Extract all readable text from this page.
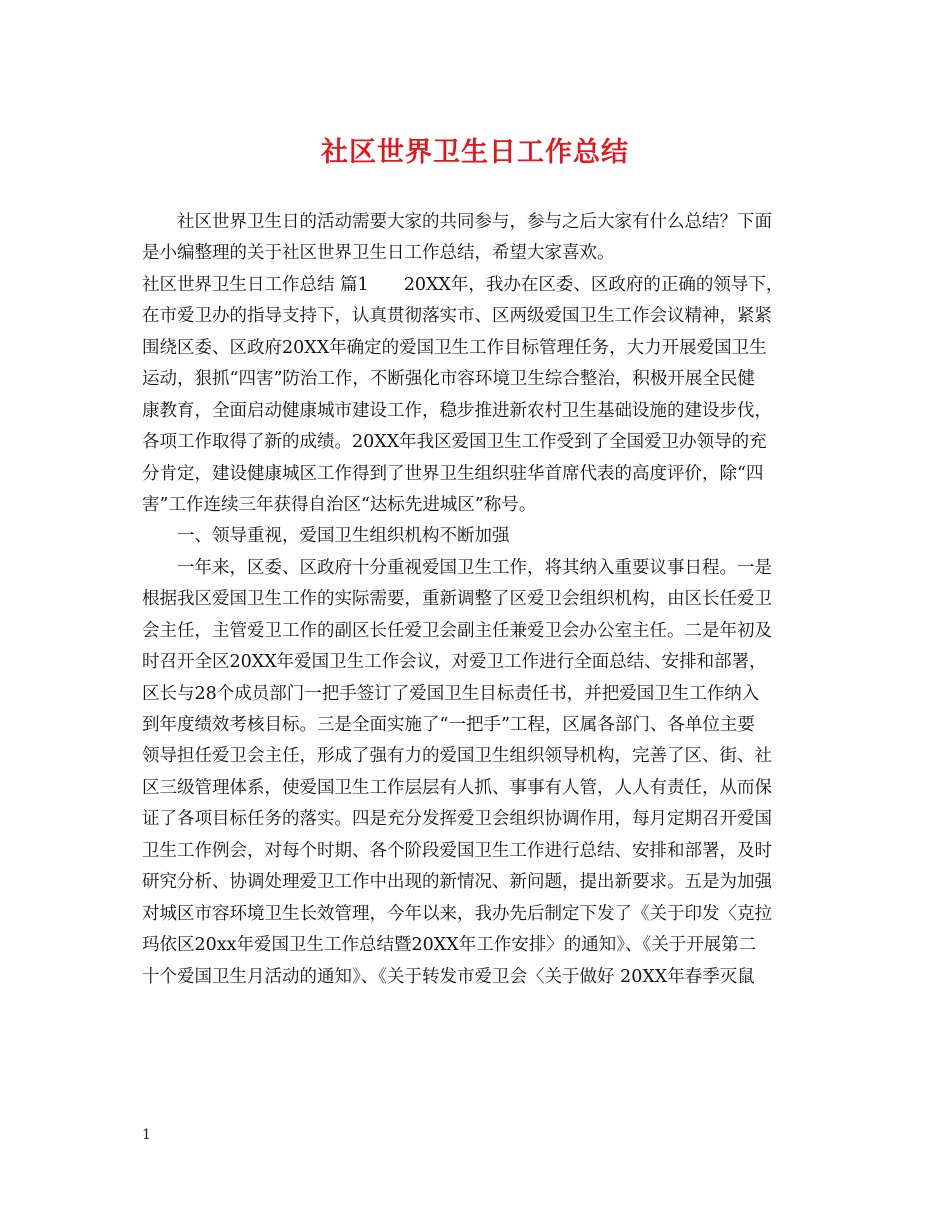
社区世界卫生日工作总结
　　社区世界卫生日的活动需要大家的共同参与，参与之后大家有什么总结？下面
是小编整理的关于社区世界卫生日工作总结，希望大家喜欢。
社区世界卫生日工作总结 篇1　　20XX年，我办在区委、区政府的正确的领导下，
在市爱卫办的指导支持下，认真贯彻落实市、区两级爱国卫生工作会议精神，紧紧
围绕区委、区政府20XX年确定的爱国卫生工作目标管理任务，大力开展爱国卫生
运动，狠抓“四害”防治工作，不断强化市容环境卫生综合整治，积极开展全民健
康教育，全面启动健康城市建设工作，稳步推进新农村卫生基础设施的建设步伐，
各项工作取得了新的成绩。20XX年我区爱国卫生工作受到了全国爱卫办领导的充
分肯定，建设健康城区工作得到了世界卫生组织驻华首席代表的高度评价，除“四
害”工作连续三年获得自治区“达标先进城区”称号。
　　一、领导重视，爱国卫生组织机构不断加强
　　一年来，区委、区政府十分重视爱国卫生工作，将其纳入重要议事日程。一是
根据我区爱国卫生工作的实际需要，重新调整了区爱卫会组织机构，由区长任爱卫
会主任，主管爱卫工作的副区长任爱卫会副主任兼爱卫会办公室主任。二是年初及
时召开全区20XX年爱国卫生工作会议，对爱卫工作进行全面总结、安排和部署，
区长与28个成员部门一把手签订了爱国卫生目标责任书，并把爱国卫生工作纳入
到年度绩效考核目标。三是全面实施了“一把手”工程，区属各部门、各单位主要
领导担任爱卫会主任，形成了强有力的爱国卫生组织领导机构，完善了区、街、社
区三级管理体系，使爱国卫生工作层层有人抓、事事有人管，人人有责任，从而保
证了各项目标任务的落实。四是充分发挥爱卫会组织协调作用，每月定期召开爱国
卫生工作例会，对每个时期、各个阶段爱国卫生工作进行总结、安排和部署，及时
研究分析、协调处理爱卫工作中出现的新情况、新问题，提出新要求。五是为加强
对城区市容环境卫生长效管理，今年以来，我办先后制定下发了《关于印发〈克拉
玛依区20xx年爱国卫生工作总结暨20XX年工作安排〉的通知》、《关于开展第二
十个爱国卫生月活动的通知》、《关于转发市爱卫会〈关于做好 20XX年春季灭鼠
1
